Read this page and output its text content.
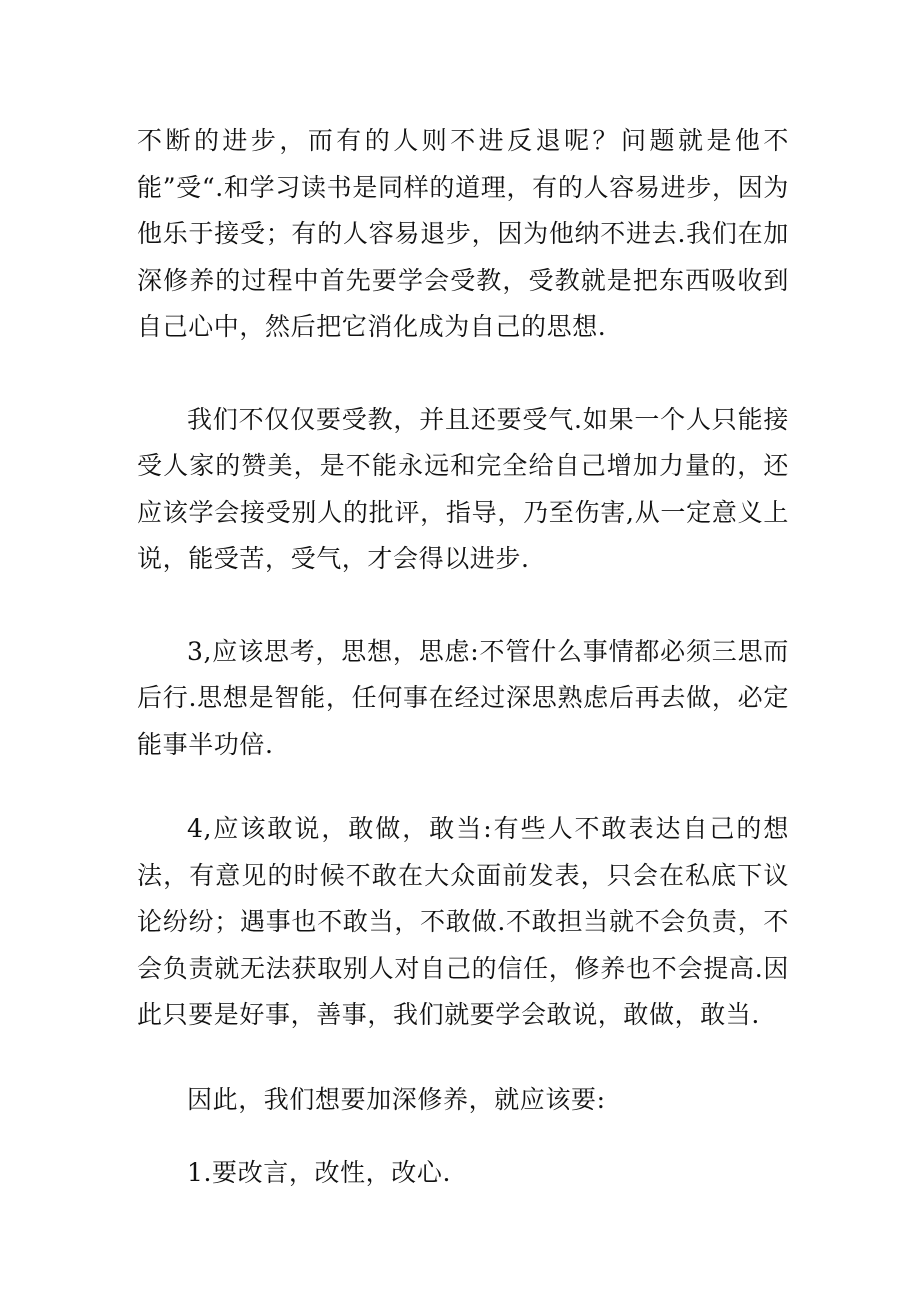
不断的进步，而有的人则不进反退呢？问题就是他不能”受“.和学习读书是同样的道理，有的人容易进步，因为他乐于接受；有的人容易退步，因为他纳不进去.我们在加深修养的过程中首先要学会受教，受教就是把东西吸收到自己心中，然后把它消化成为自己的思想.

我们不仅仅要受教，并且还要受气.如果一个人只能接受人家的赞美，是不能永远和完全给自己增加力量的，还应该学会接受别人的批评，指导，乃至伤害,从一定意义上说，能受苦，受气，才会得以进步.

3,应该思考，思想，思虑:不管什么事情都必须三思而后行.思想是智能，任何事在经过深思熟虑后再去做，必定能事半功倍.

4,应该敢说，敢做，敢当:有些人不敢表达自己的想法，有意见的时候不敢在大众面前发表，只会在私底下议论纷纷；遇事也不敢当，不敢做.不敢担当就不会负责，不会负责就无法获取别人对自己的信任，修养也不会提高.因此只要是好事，善事，我们就要学会敢说，敢做，敢当.

因此，我们想要加深修养，就应该要:

1.要改言，改性，改心.
